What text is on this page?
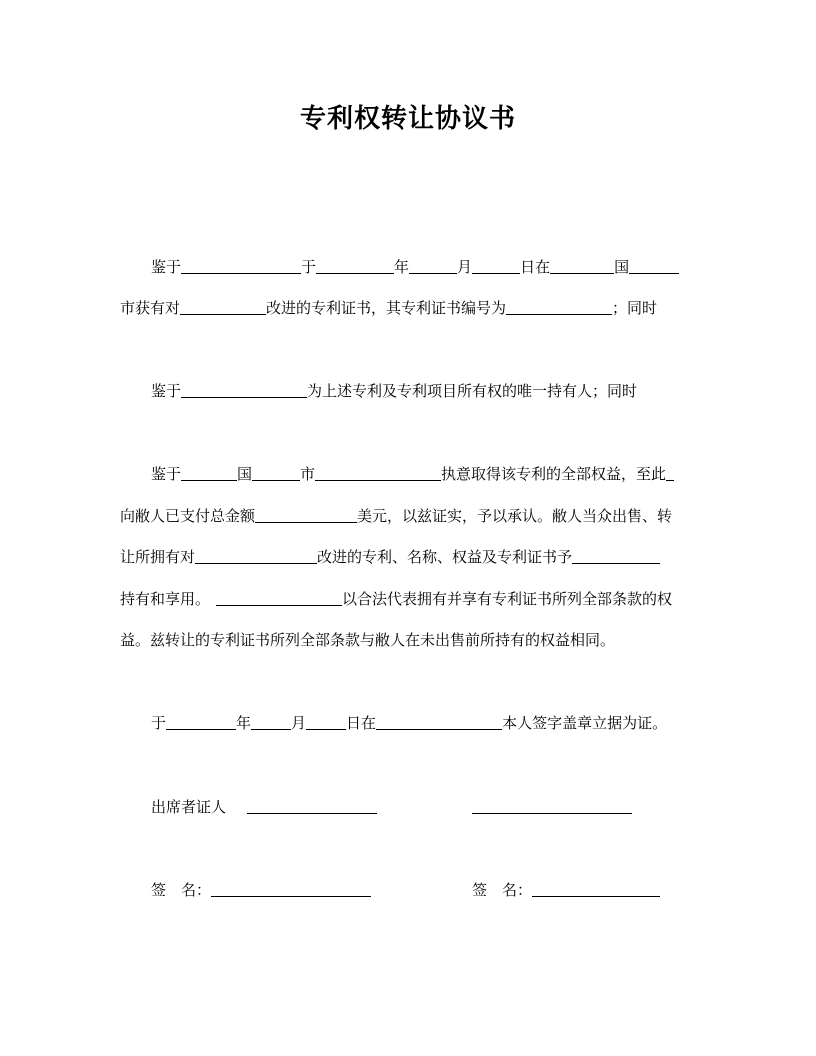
专利权转让协议书
鉴于	于	年	月	日在	国
市获有对	改进的专利证书，其专利证书编号为	；同时
鉴于	为上述专利及专利项目所有权的唯一持有人；同时
鉴于	国	市	执意取得该专利的全部权益，至此
向敝人已支付总金额	美元，以兹证实，予以承认。敝人当众出售、转
让所拥有对	改进的专利、名称、权益及专利证书予
持有和享用。	以合法代表拥有并享有专利证书所列全部条款的权
益。兹转让的专利证书所列全部条款与敝人在未出售前所持有的权益相同。
于	年	月	日在	本人签字盖章立据为证。
出席者证人
签　名：	签　名：
